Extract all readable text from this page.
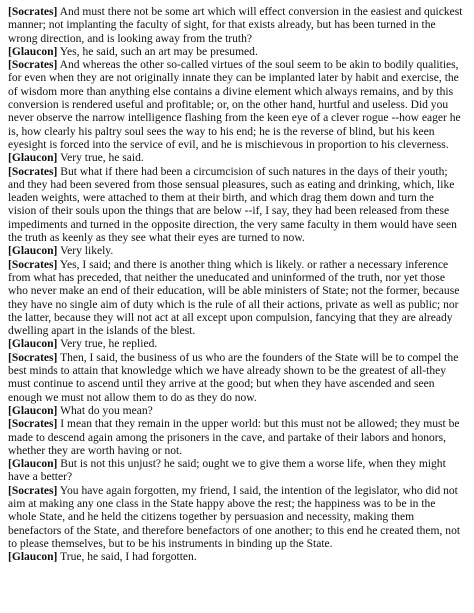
[Socrates] And must there not be some art which will effect conversion in the easiest and quickest manner; not implanting the faculty of sight, for that exists already, but has been turned in the wrong direction, and is looking away from the truth?

[Glaucon] Yes, he said, such an art may be presumed.

[Socrates] And whereas the other so-called virtues of the soul seem to be akin to bodily qualities, for even when they are not originally innate they can be implanted later by habit and exercise, the of wisdom more than anything else contains a divine element which always remains, and by this conversion is rendered useful and profitable; or, on the other hand, hurtful and useless. Did you never observe the narrow intelligence flashing from the keen eye of a clever rogue --how eager he is, how clearly his paltry soul sees the way to his end; he is the reverse of blind, but his keen eyesight is forced into the service of evil, and he is mischievous in proportion to his cleverness.

[Glaucon] Very true, he said.

[Socrates] But what if there had been a circumcision of such natures in the days of their youth; and they had been severed from those sensual pleasures, such as eating and drinking, which, like leaden weights, were attached to them at their birth, and which drag them down and turn the vision of their souls upon the things that are below --if, I say, they had been released from these impediments and turned in the opposite direction, the very same faculty in them would have seen the truth as keenly as they see what their eyes are turned to now.

[Glaucon] Very likely.

[Socrates] Yes, I said; and there is another thing which is likely. or rather a necessary inference from what has preceded, that neither the uneducated and uninformed of the truth, nor yet those who never make an end of their education, will be able ministers of State; not the former, because they have no single aim of duty which is the rule of all their actions, private as well as public; nor the latter, because they will not act at all except upon compulsion, fancying that they are already dwelling apart in the islands of the blest.

[Glaucon] Very true, he replied.

[Socrates] Then, I said, the business of us who are the founders of the State will be to compel the best minds to attain that knowledge which we have already shown to be the greatest of all-they must continue to ascend until they arrive at the good; but when they have ascended and seen enough we must not allow them to do as they do now.

[Glaucon] What do you mean?

[Socrates] I mean that they remain in the upper world: but this must not be allowed; they must be made to descend again among the prisoners in the cave, and partake of their labors and honors, whether they are worth having or not.

[Glaucon] But is not this unjust? he said; ought we to give them a worse life, when they might have a better?

[Socrates] You have again forgotten, my friend, I said, the intention of the legislator, who did not aim at making any one class in the State happy above the rest; the happiness was to be in the whole State, and he held the citizens together by persuasion and necessity, making them benefactors of the State, and therefore benefactors of one another; to this end he created them, not to please themselves, but to be his instruments in binding up the State.

[Glaucon] True, he said, I had forgotten.
